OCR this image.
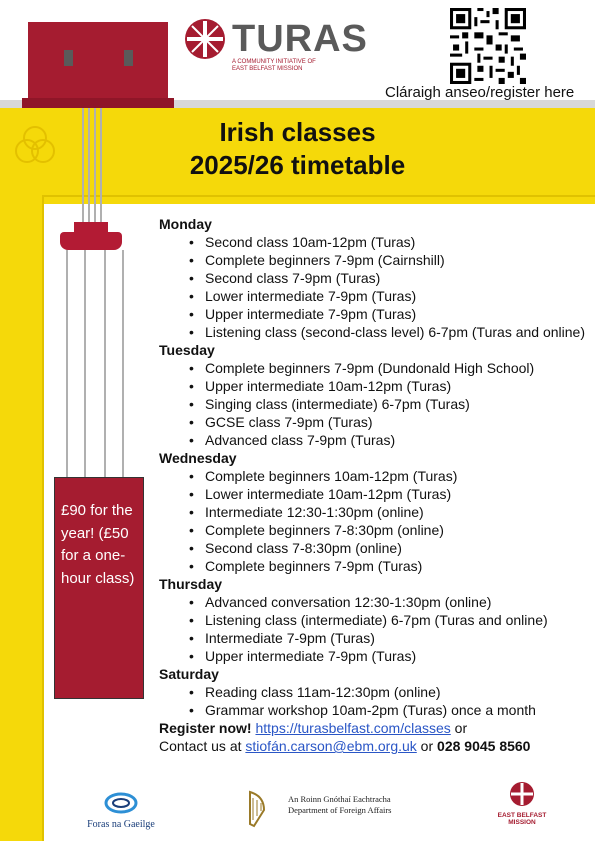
£90 for the year! (£50 for a one-hour class)
TURAS
A COMMUNITY INITIATIVE OF
EAST BELFAST MISSION
Cláraigh anseo/register here
Irish classes
2025/26 timetable
Monday
• Second class 10am-12pm (Turas)
• Complete beginners 7-9pm (Cairnshill)
• Second class 7-9pm (Turas)
• Lower intermediate 7-9pm (Turas)
• Upper intermediate 7-9pm (Turas)
• Listening class (second-class level) 6-7pm (Turas and online)
Tuesday
• Complete beginners 7-9pm (Dundonald High School)
• Upper intermediate 10am-12pm (Turas)
• Singing class (intermediate) 6-7pm (Turas)
• GCSE class 7-9pm (Turas)
• Advanced class 7-9pm (Turas)
Wednesday
• Complete beginners 10am-12pm (Turas)
• Lower intermediate 10am-12pm (Turas)
• Intermediate 12:30-1:30pm (online)
• Complete beginners 7-8:30pm (online)
• Second class 7-8:30pm (online)
• Complete beginners 7-9pm (Turas)
Thursday
• Advanced conversation 12:30-1:30pm (online)
• Listening class (intermediate) 6-7pm (Turas and online)
• Intermediate 7-9pm (Turas)
• Upper intermediate 7-9pm (Turas)
Saturday
• Reading class 11am-12:30pm (online)
• Grammar workshop 10am-2pm (Turas) once a month
Register now! https://turasbelfast.com/classes or
Contact us at stiofán.carson@ebm.org.uk or 028 9045 8560
Foras na Gaeilge
An Roinn Gnóthaí Eachtracha
Department of Foreign Affairs
EAST BELFAST
MISSION
